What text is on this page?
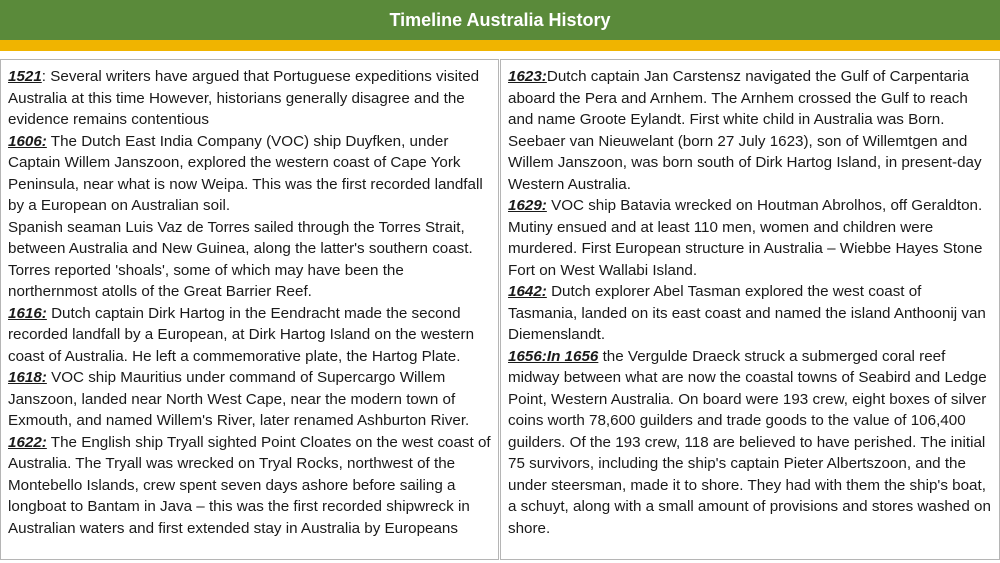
Timeline Australia History

1521: Several writers have argued that Portuguese expeditions visited Australia at this time However, historians generally disagree and the evidence remains contentious

1606: The Dutch East India Company (VOC) ship Duyfken, under Captain Willem Janszoon, explored the western coast of Cape York Peninsula, near what is now Weipa. This was the first recorded landfall by a European on Australian soil.

Spanish seaman Luis Vaz de Torres sailed through the Torres Strait, between Australia and New Guinea, along the latter's southern coast. Torres reported 'shoals', some of which may have been the northernmost atolls of the Great Barrier Reef.

1616: Dutch captain Dirk Hartog in the Eendracht made the second recorded landfall by a European, at Dirk Hartog Island on the western coast of Australia. He left a commemorative plate, the Hartog Plate.

1618: VOC ship Mauritius under command of Supercargo Willem Janszoon, landed near North West Cape, near the modern town of Exmouth, and named Willem's River, later renamed Ashburton River.

1622: The English ship Tryall sighted Point Cloates on the west coast of Australia. The Tryall was wrecked on Tryal Rocks, northwest of the Montebello Islands, crew spent seven days ashore before sailing a longboat to Bantam in Java – this was the first recorded shipwreck in Australian waters and first extended stay in Australia by Europeans

1623:Dutch captain Jan Carstensz navigated the Gulf of Carpentaria aboard the Pera and Arnhem. The Arnhem crossed the Gulf to reach and name Groote Eylandt. First white child in Australia was Born. Seebaer van Nieuwelant (born 27 July 1623), son of Willemtgen and Willem Janszoon, was born south of Dirk Hartog Island, in present-day Western Australia.

1629: VOC ship Batavia wrecked on Houtman Abrolhos, off Geraldton. Mutiny ensued and at least 110 men, women and children were murdered. First European structure in Australia – Wiebbe Hayes Stone Fort on West Wallabi Island.

1642: Dutch explorer Abel Tasman explored the west coast of Tasmania, landed on its east coast and named the island Anthoonij van Diemenslandt.

1656:In 1656 the Vergulde Draeck struck a submerged coral reef midway between what are now the coastal towns of Seabird and Ledge Point, Western Australia. On board were 193 crew, eight boxes of silver coins worth 78,600 guilders and trade goods to the value of 106,400 guilders. Of the 193 crew, 118 are believed to have perished. The initial 75 survivors, including the ship's captain Pieter Albertszoon, and the under steersman, made it to shore. They had with them the ship's boat, a schuyt, along with a small amount of provisions and stores washed on shore.
